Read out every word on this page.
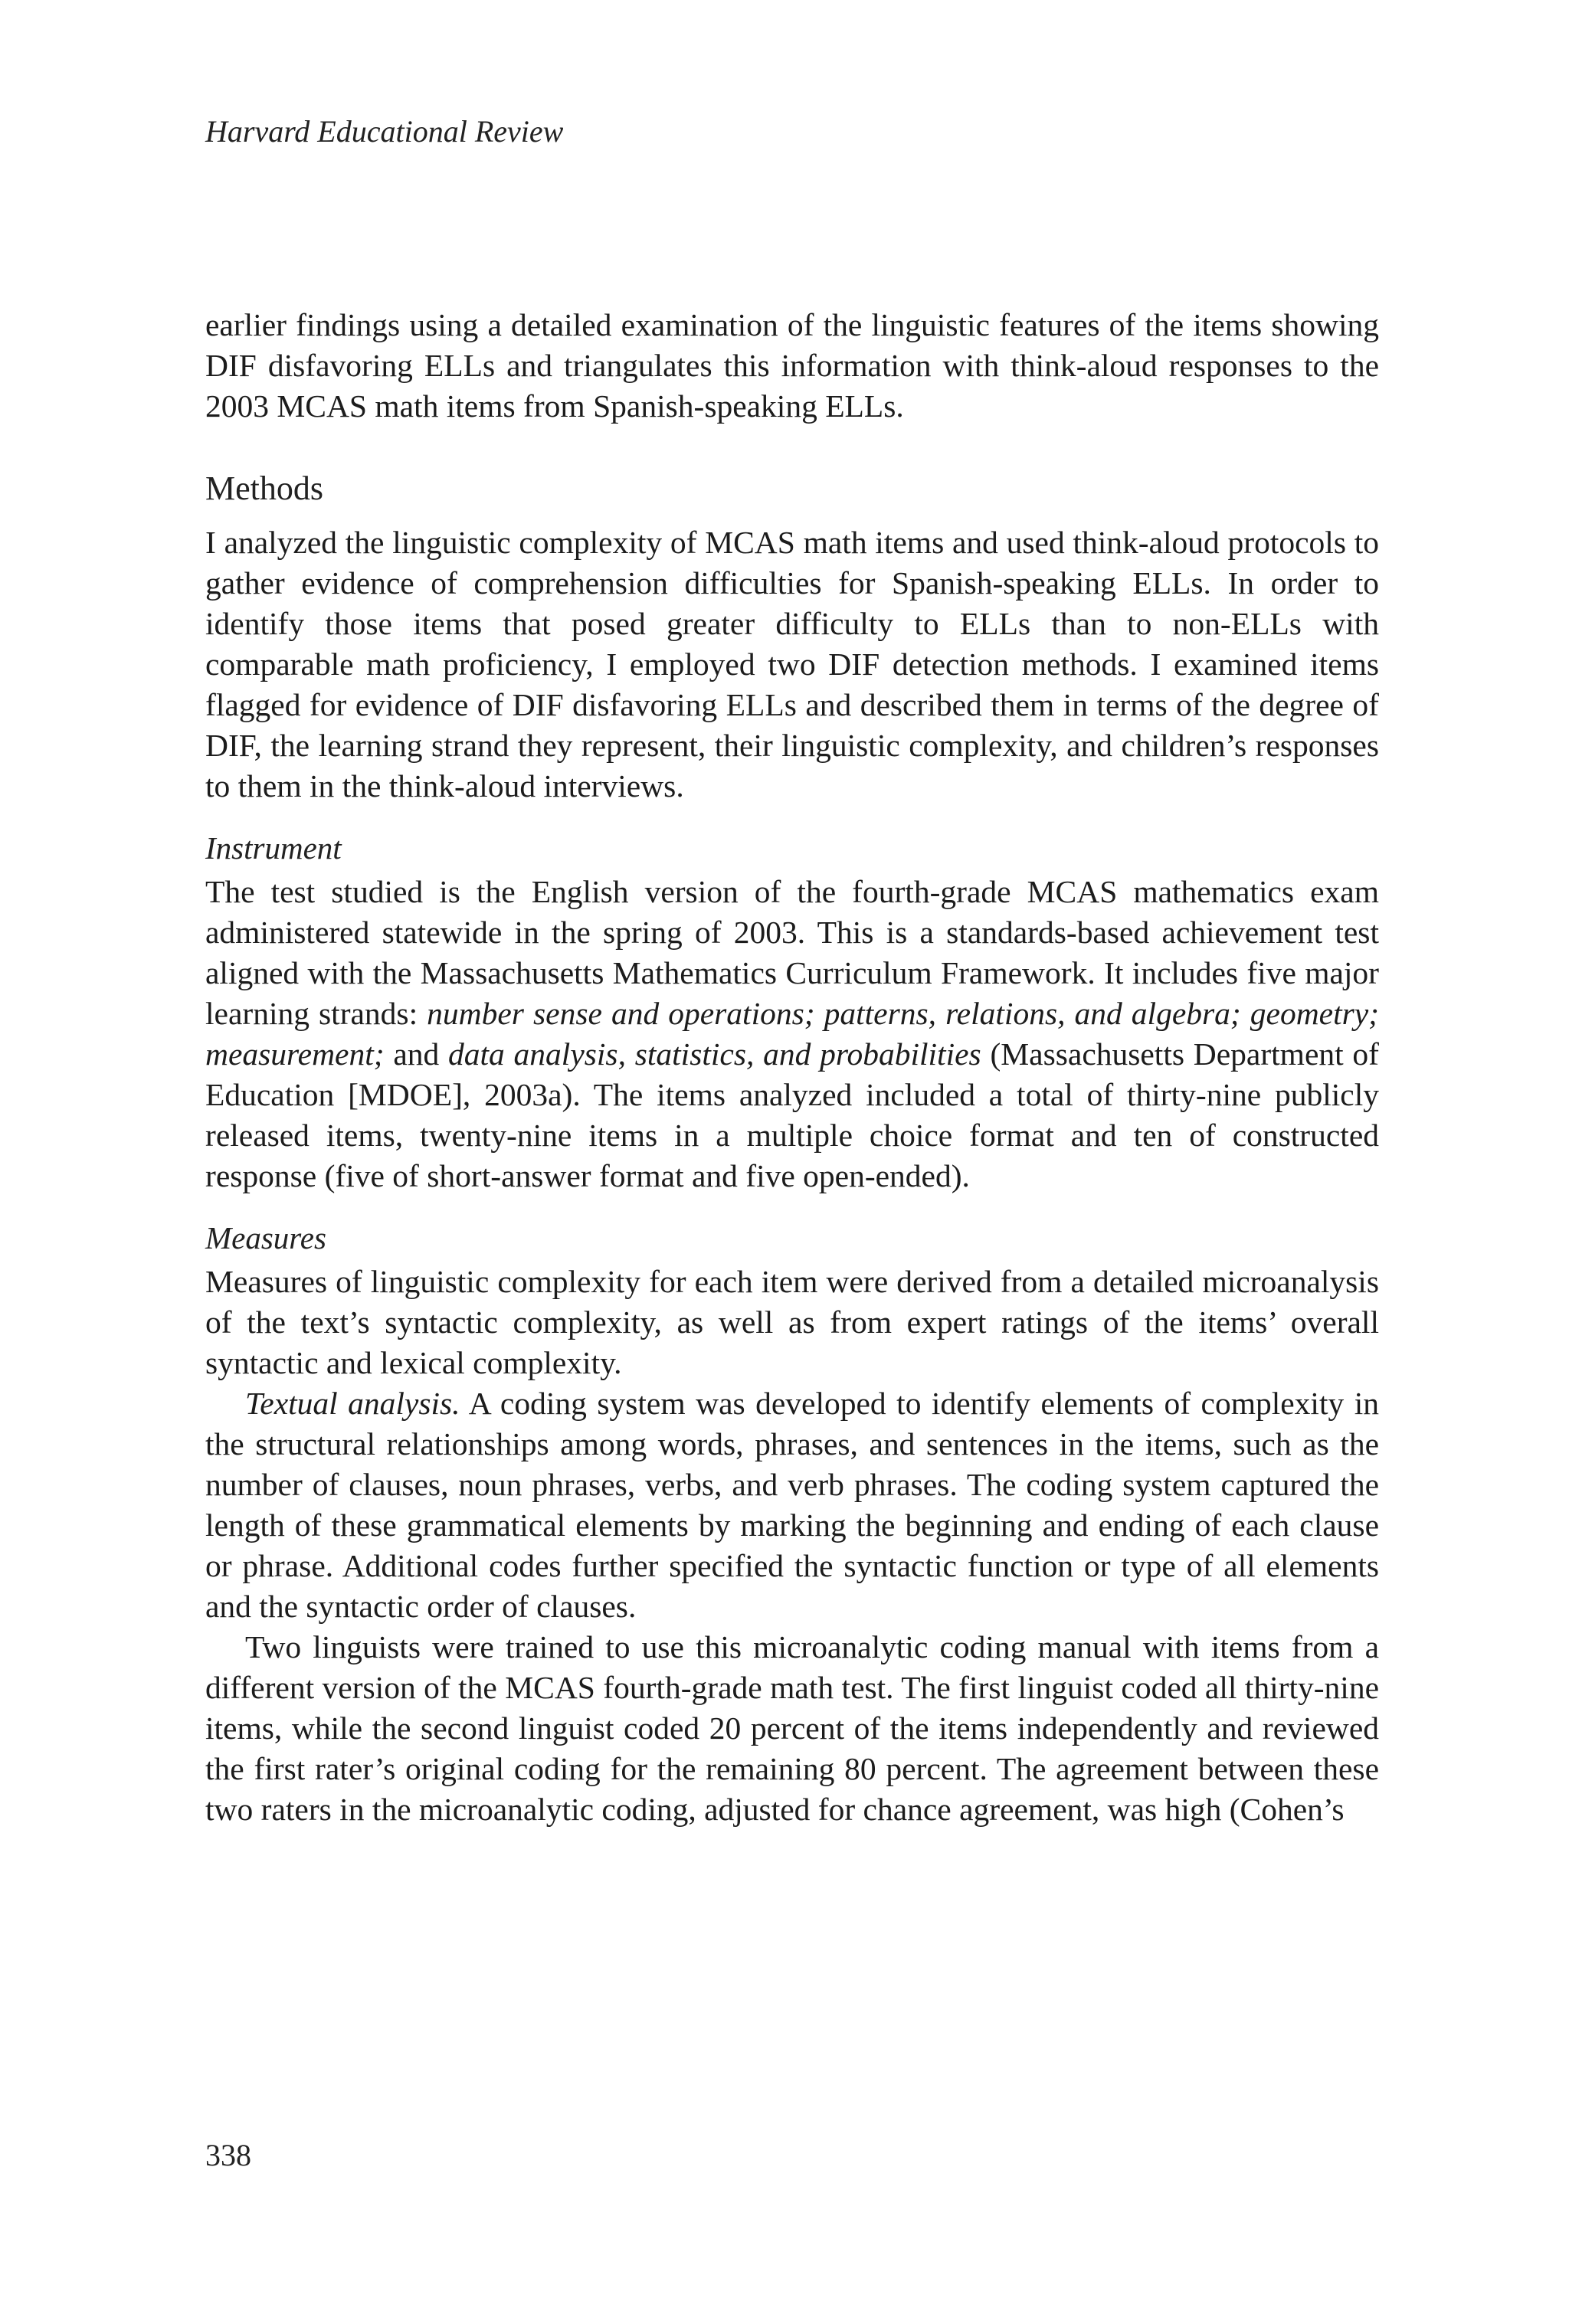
Harvard Educational Review

earlier findings using a detailed examination of the linguistic features of the items showing DIF disfavoring ELLs and triangulates this information with think-aloud responses to the 2003 MCAS math items from Spanish-speaking ELLs.

Methods

I analyzed the linguistic complexity of MCAS math items and used think-aloud protocols to gather evidence of comprehension difficulties for Spanish-speaking ELLs. In order to identify those items that posed greater difficulty to ELLs than to non-ELLs with comparable math proficiency, I employed two DIF detection methods. I examined items flagged for evidence of DIF disfavoring ELLs and described them in terms of the degree of DIF, the learning strand they represent, their linguistic complexity, and children’s responses to them in the think-aloud interviews.

Instrument

The test studied is the English version of the fourth-grade MCAS mathematics exam administered statewide in the spring of 2003. This is a standards-based achievement test aligned with the Massachusetts Mathematics Curriculum Framework. It includes five major learning strands: number sense and operations; patterns, relations, and algebra; geometry; measurement; and data analysis, statistics, and probabilities (Massachusetts Department of Education [MDOE], 2003a). The items analyzed included a total of thirty-nine publicly released items, twenty-nine items in a multiple choice format and ten of constructed response (five of short-answer format and five open-ended).

Measures

Measures of linguistic complexity for each item were derived from a detailed microanalysis of the text’s syntactic complexity, as well as from expert ratings of the items’ overall syntactic and lexical complexity.

Textual analysis. A coding system was developed to identify elements of complexity in the structural relationships among words, phrases, and sentences in the items, such as the number of clauses, noun phrases, verbs, and verb phrases. The coding system captured the length of these grammatical elements by marking the beginning and ending of each clause or phrase. Additional codes further specified the syntactic function or type of all elements and the syntactic order of clauses.

Two linguists were trained to use this microanalytic coding manual with items from a different version of the MCAS fourth-grade math test. The first linguist coded all thirty-nine items, while the second linguist coded 20 percent of the items independently and reviewed the first rater’s original coding for the remaining 80 percent. The agreement between these two raters in the microanalytic coding, adjusted for chance agreement, was high (Cohen’s

338
